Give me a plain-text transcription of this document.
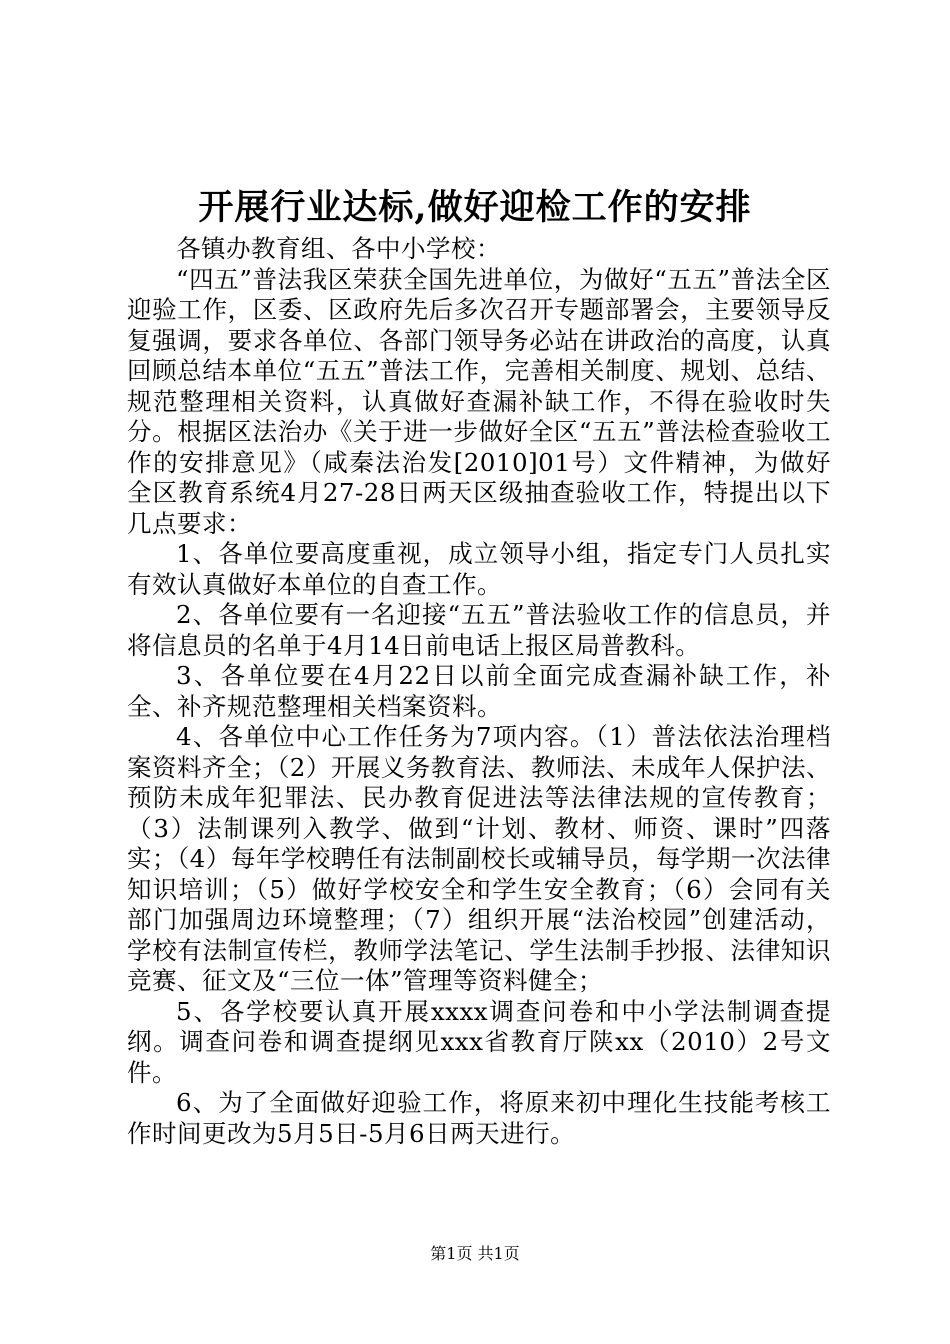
开展行业达标,做好迎检工作的安排

各镇办教育组、各中小学校：

“四五”普法我区荣获全国先进单位，为做好“五五”普法全区迎验工作，区委、区政府先后多次召开专题部署会，主要领导反复强调，要求各单位、各部门领导务必站在讲政治的高度，认真回顾总结本单位“五五”普法工作，完善相关制度、规划、总结、规范整理相关资料，认真做好查漏补缺工作，不得在验收时失分。根据区法治办《关于进一步做好全区“五五”普法检查验收工作的安排意见》（咸秦法治发[2010]01号）文件精神，为做好全区教育系统4月27-28日两天区级抽查验收工作，特提出以下几点要求：

1、各单位要高度重视，成立领导小组，指定专门人员扎实有效认真做好本单位的自查工作。

2、各单位要有一名迎接“五五”普法验收工作的信息员，并将信息员的名单于4月14日前电话上报区局普教科。

3、各单位要在4月22日以前全面完成查漏补缺工作，补全、补齐规范整理相关档案资料。

4、各单位中心工作任务为7项内容。（1）普法依法治理档案资料齐全；（2）开展义务教育法、教师法、未成年人保护法、预防未成年犯罪法、民办教育促进法等法律法规的宣传教育；（3）法制课列入教学、做到“计划、教材、师资、课时”四落实；（4）每年学校聘任有法制副校长或辅导员，每学期一次法律知识培训；（5）做好学校安全和学生安全教育；（6）会同有关部门加强周边环境整理；（7）组织开展“法治校园”创建活动，学校有法制宣传栏，教师学法笔记、学生法制手抄报、法律知识竞赛、征文及“三位一体”管理等资料健全；

5、各学校要认真开展xxxx调查问卷和中小学法制调查提纲。调查问卷和调查提纲见xxx省教育厅陕xx（2010）2号文件。

6、为了全面做好迎验工作，将原来初中理化生技能考核工作时间更改为5月5日-5月6日两天进行。

第1页 共1页
